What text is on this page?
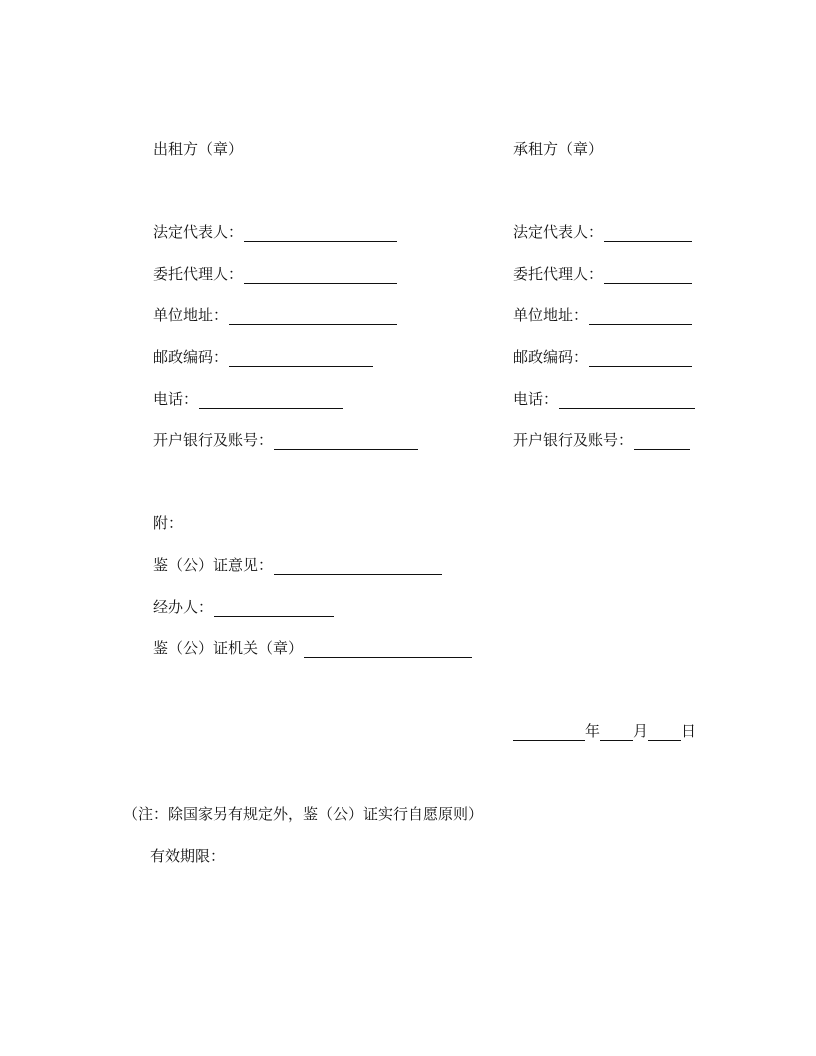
出租方（章）
法定代表人：
委托代理人：
单位地址：
邮政编码：
电话：
开户银行及账号：
承租方（章）
法定代表人：
委托代理人：
单位地址：
邮政编码：
电话：
开户银行及账号：
附：
鉴（公）证意见：
经办人：
鉴（公）证机关（章）
年 月 日
（注：除国家另有规定外，鉴（公）证实行自愿原则）
有效期限：
